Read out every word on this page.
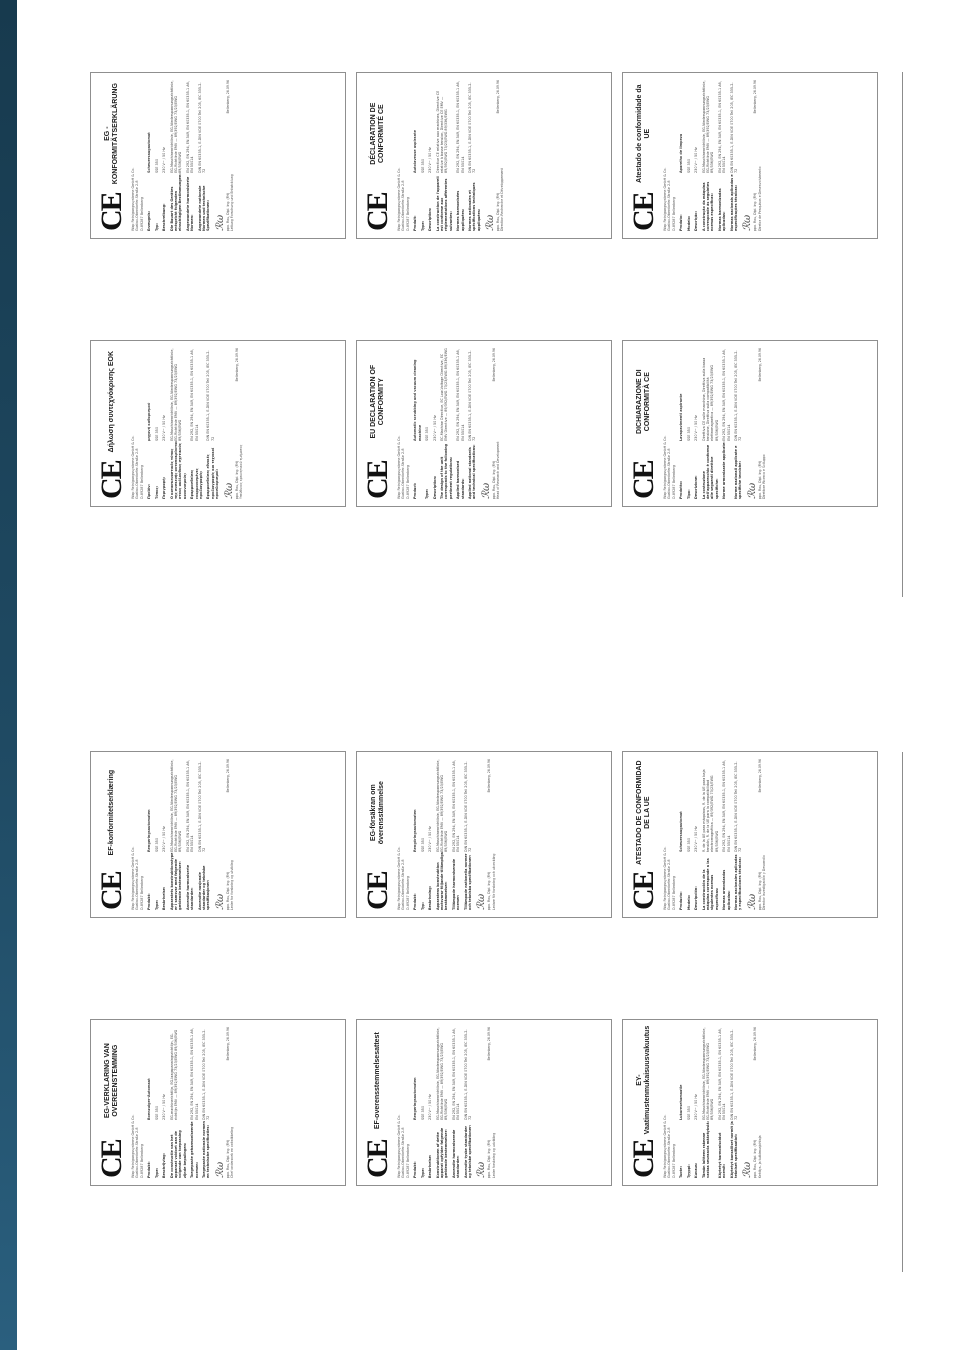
CE
EG -KONFORMITÄTSERKLÄRUNG
Wap Reinigungssysteme GmbH & Co. Gustav-Oberdorfer-Straße 2-8 D-89287 Bellenberg Erzeugnis:
Scheuersaugautomat
Typ:
SSE 350
Beschreibung:
230 V~ / 50 Hz
Die Bauart des Gerätes entspricht folgenden einschlägigen Bestimmungen:
EG-Maschinenrichtlinie, EG-Niederspannungsrichtlinie, EG-Richtlinie EMV — 89/392/EWG 73/23/EWG 89/336/EWG
Angewandete harmonisierte Normen:
EN 292, EN 294, EN 349, EN 60335-1, EN 60335-1 A6, EN 55014
Angewandete nationale Normen und technische Spezifikationen:
DIN EN 60335-1, E-DIN VDE 0700 Teil 205, IEC 335-2-72
ℛω ppa. Rau, Dipl. Ing. (FH)
Leitung Forschung und Entwicklung
Bellenberg, 26.09.96
CE
DÉCLARATION DE CONFORMITÉ CE
Wap Reinigungssysteme GmbH & Co. Gustav-Oberdorfer-Straße 2-8 D-89287 Bellenberg Produit:
Autolaveuse aspirante
Type:
SSE 350
Description:
230 V~ / 50 Hz
La construction de l'appareil est conforme aux réglementations afférentes suivantes:
Directive CE relative aux machines, Directive CE relative à basse tension, Directive CE EMV — 89/392/EWG 73/23/EWG 89/336/EWG
Normes harmonisées appliquées:
EN 292, EN 294, EN 349, EN 60335-1, EN 60335-1 A6, EN 55014
Normes nationales et spécifications techniques appliquées:
DIN EN 60335-1, E-DIN VDE 0700 Teil 205, IEC 335-2-72
ℛω ppa. Rau, Dipl. Ing. (FH)
Direction Recherche et Développement
Bellenberg, 26.09.96
CE
Atestado de conformidade da UE
Wap Reinigungssysteme GmbH & Co. Gustav-Oberdorfer-Straße 2-8 D-89287 Bellenberg Produto:
Aparelho de limpeza
Modelo:
SSE 350
Descrição:
230 V~ / 50 Hz
A construção da máquina corresponde às seguintes normas específicas:
EG-Maschinenrichtlinie, EG-Niederspannungsrichtlinie, EG-Richtlinie EMV — 89/392/EWG 73/23/EWG 89/336/EWG
Normas harmonizadas aplicadas:
EN 292, EN 294, EN 349, EN 60335-1, EN 60335-1 A6, EN 55014
Normas nacionais aplicadas e especificações técnicas:
DIN EN 60335-1, E-DIN VDE 0700 Teil 205, IEC 335-2-72
ℛω ppa. Rau, Dipl. Ing. (FH)
Diretor de Pesquisas e Desenvolvimento
Bellenberg, 26.09.96
CE
Δήλωση συντεχνόκρισης ΕΟΚ
Wap Reinigungssysteme GmbH & Co. Gustav-Oberdorfer-Straße 2-8 D-89287 Bellenberg Προϊόν:
μηχανή καθαρισμού
Τύπος:
SSE 350
Περιγραφή:
230 V~ / 50 Hz
Ο κατασκευαστικός τύπος της συσκευής ανταποκρίνεται στους ακόλουθους σχετικούς κανονισμούς:
EG-Maschinenrichtlinie, EG-Niederspannungsrichtlinie, EG-Richtlinie EMV — 89/392/EWG 73/23/EWG 89/336/EWG
Εφαρμοσθείσες εναρμονισμένες προδιαγραφές:
EN 292, EN 294, EN 349, EN 60335-1, EN 60335-1 A6, EN 55014
Εφαρμοσθείσες εθνικές προδιαγραφές και τεχνικοί προσδιορισμοί:
DIN EN 60335-1, E-DIN VDE 0700 Teil 205, IEC 335-2-72
ℛω ppa. Rau, Dipl. Ing. (FH)
Υπεύθυνος ερευνητικού τμήματος
Bellenberg, 26.09.96
CE
EU DECLARATION OF CONFORMITY
Wap Reinigungssysteme GmbH & Co. Gustav-Oberdorfer-Straße 2-8 D-89287 Bellenberg Product:
Automatic scrubbing and vacuum cleaning machine
Type:
SSE 350
Description:
230 V~ / 50 Hz
The design of the unit corresponds to the following pertinent regulations:
EC-Machine Directive, EC Low-Voltage Directive, EC EMV Directive — 89/392/EWG 73/23/EWG 89/336/EWG
Applied harmonised standards:
EN 292, EN 294, EN 349, EN 60335-1, EN 60335-1 A6, EN 55014
Applied national standards and technical specifications:
DIN EN 60335-1, E-DIN VDE 0700 Teil 205, IEC 335-2-72
ℛω ppa. Rau, Dipl. Ing. (FH)
Head of Research and Development
Bellenberg, 26.09.96
CE
DICHIARAZIONE DI CONFORMITÀ CE
Wap Reinigungssysteme GmbH & Co. Gustav-Oberdorfer-Straße 2-8 D-89287 Bellenberg Prodotto:
Lavapavimenti aspirante
Tipo:
SSE 350
Descrizione:
230 V~ / 50 Hz
La costruzione dell'apparecchio è conforme alle seguenti direttive specifiche:
Direttiva CE sulle macchine, Direttiva sulla bassa tensione, Direttiva sulla compatibilità elettromagnetica — 89/392/EWG 73/23/EWG 89/336/EWG
Norme armonizzate applicate:
EN 292, EN 294, EN 349, EN 60335-1, EN 60335-1 A6, EN 55014
Norme nazionali applicate e specifiche tecniche:
DIN EN 60335-1, E-DIN VDE 0700 Teil 205, IEC 335-2-72
ℛω ppa. Rau, Dipl. Ing. (FH)
Direttore Ricerca e Sviluppo
Bellenberg, 26.09.96
CE
EF-konformitetserklæring
Wap Reinigungssysteme GmbH & Co. Gustav-Oberdorfer-Straße 2-8 D-89287 Bellenberg Produkt:
Rengøringsautomaten
Type:
SSE 350
Beskrivelse:
230 V~ / 50 Hz
Apparatets konstruktionstype er i samsvar med følgende gældende bestemmelser:
EG-Maschinenrichtlinie, EG-Niederspannungsrichtlinie, EG-Richtlinie EMV — 89/392/EWG 73/23/EWG 89/336/EWG
Anvendte harmoniserte standarder:
EN 292, EN 294, EN 349, EN 60335-1, EN 60335-1 A6, EN 55014
Anvendte nasjonale standarder og tekniske spesifikasjoner:
DIN EN 60335-1, E-DIN VDE 0700 Teil 205, IEC 335-2-72
ℛω ppa. Rau, Dipl. Ing. (FH)
Leder for forskning og utvikling
Bellenberg, 26.09.96
CE
EG-försäkran om överensstämmelse
Wap Reinigungssysteme GmbH & Co. Gustav-Oberdorfer-Straße 2-8 D-89287 Bellenberg Produkt:
Rengöringsautomaten
Typ:
SSE 350
Beskrivning:
230 V~ / 50 Hz
Apparatens konstruktion motsvarar följande tillämpliga bestämmelser:
EG-Maschinenrichtlinie, EG-Niederspannungsrichtlinie, EG-Richtlinie EMV — 89/392/EWG 73/23/EWG 89/336/EWG
Tillämpade harmoniserade normer:
EN 292, EN 294, EN 349, EN 60335-1, EN 60335-1 A6, EN 55014
Tillämpade nationella normer och tekniska specifikationer:
DIN EN 60335-1, E-DIN VDE 0700 Teil 205, IEC 335-2-72
ℛω ppa. Rau, Dipl. Ing. (FH)
Ledare för forskning och utveckling
Bellenberg, 26.09.96
CE
ATESTADO DE CONFORMIDAD DE LA UE
Wap Reinigungssysteme GmbH & Co. Gustav-Oberdorfer-Straße 2-8 D-89287 Bellenberg Producto:
Scheuersaugautomat
Modelo:
SSE 350
Descripción:
230 V~ / 50 Hz
La construcción de la máquina corresponde a las siguientes normas específicas:
R. de la UE para máquinas, R. de la UE para baja tensión, R. de la UE para la compatibilidad electromagnética — 89/392/EWG 73/23/EWG 89/336/EWG
Normas armonizadas aplicadas:
EN 292, EN 294, EN 349, EN 60335-1, EN 60335-1 A6, EN 55014
Normas nacionales aplicadas y especificaciones técnicas:
DIN EN 60335-1, E-DIN VDE 0700 Teil 205, IEC 335-2-72
ℛω ppa. Rau, Dipl. Ing. (FH)
Director Investigación y Desarrollo
Bellenberg, 26.09.96
CE
EG-VERKLARING VAN OVEREENSTEMMING
Wap Reinigungssysteme GmbH & Co. Gustav-Oberdorfer-Straße 2-8 D-89287 Bellenberg Produkt:
Boenzuiger-Automaat
Type:
SSE 350
Beschrijving:
230 V~ / 50 Hz
De constructie van het apparaat voldoet aan de volgende van toepassing zijnde bepalingen:
EG-machinerichtlijn, EG-laagspanningsrichtlijn, EG-richtlijn EMV — 89/392/EWG 73/23/EWG 89/336/EWG
Toegepaste geharmoniseerde normen:
EN 292, EN 294, EN 349, EN 60335-1, EN 60335-1 A6, EN 55014
Toegepaste nationale normen en technische specificaties:
DIN EN 60335-1, E-DIN VDE 0700 Teil 205, IEC 335-2-72
ℛω ppa. Rau, Dipl. Ing. (FH)
Chef onderzoek en ontwikkeling
Bellenberg, 26.09.96
CE
EF-overensstemmelsesattest
Wap Reinigungssysteme GmbH & Co. Gustav-Oberdorfer-Straße 2-8 D-89287 Bellenberg Produkt:
Rengøringsautomaten
Type:
SSE 350
Beskrivelse:
230 V~ / 50 Hz
Konstruktionen af dette apparat opfylder følgende gældende bestemmelser:
EG-Maschinenrichtlinie, EG-Niederspannungsrichtlinie, EG-Richtlinie EMV — 89/392/EWG 73/23/EWG 89/336/EWG
Anvendte harmoniserede standarder:
EN 292, EN 294, EN 349, EN 60335-1, EN 60335-1 A6, EN 55014
Anvendte tyske standarder og tekniske specifikationer:
DIN EN 60335-1, E-DIN VDE 0700 Teil 205, IEC 335-2-72
ℛω ppa. Rau, Dipl. Ing. (FH)
Leder forskning og udvikling
Bellenberg, 26.09.96
CE
EY-Vaatimustenmukaisuusvakuutus
Wap Reinigungssysteme GmbH & Co. Gustav-Oberdorfer-Straße 2-8 D-89287 Bellenberg Tuote:
Lukuresehamaatie
Tyyppi:
SSE 350
Kuvaus:
230 V~ / 50 Hz
Tämän laitteen rakenne vastaa seuraavia määräyksiä:
EG-Maschinenrichtlinie, EG-Niederspannungsrichtlinie, EG-Richtlinie EMV — 89/392/EWG 73/23/EWG 89/336/EWG
Käytetyt harmonisoidut normit:
EN 292, EN 294, EN 349, EN 60335-1, EN 60335-1 A6, EN 55014
Käytetyt kansalliset normit ja tekniset spesifikaatiot:
DIN EN 60335-1, E-DIN VDE 0700 Teil 205, IEC 335-2-72
ℛω ppa. Rau, Dipl. Ing. (FH)
Kehitys- ja tutkimusjohtaja
Bellenberg, 26.09.96
